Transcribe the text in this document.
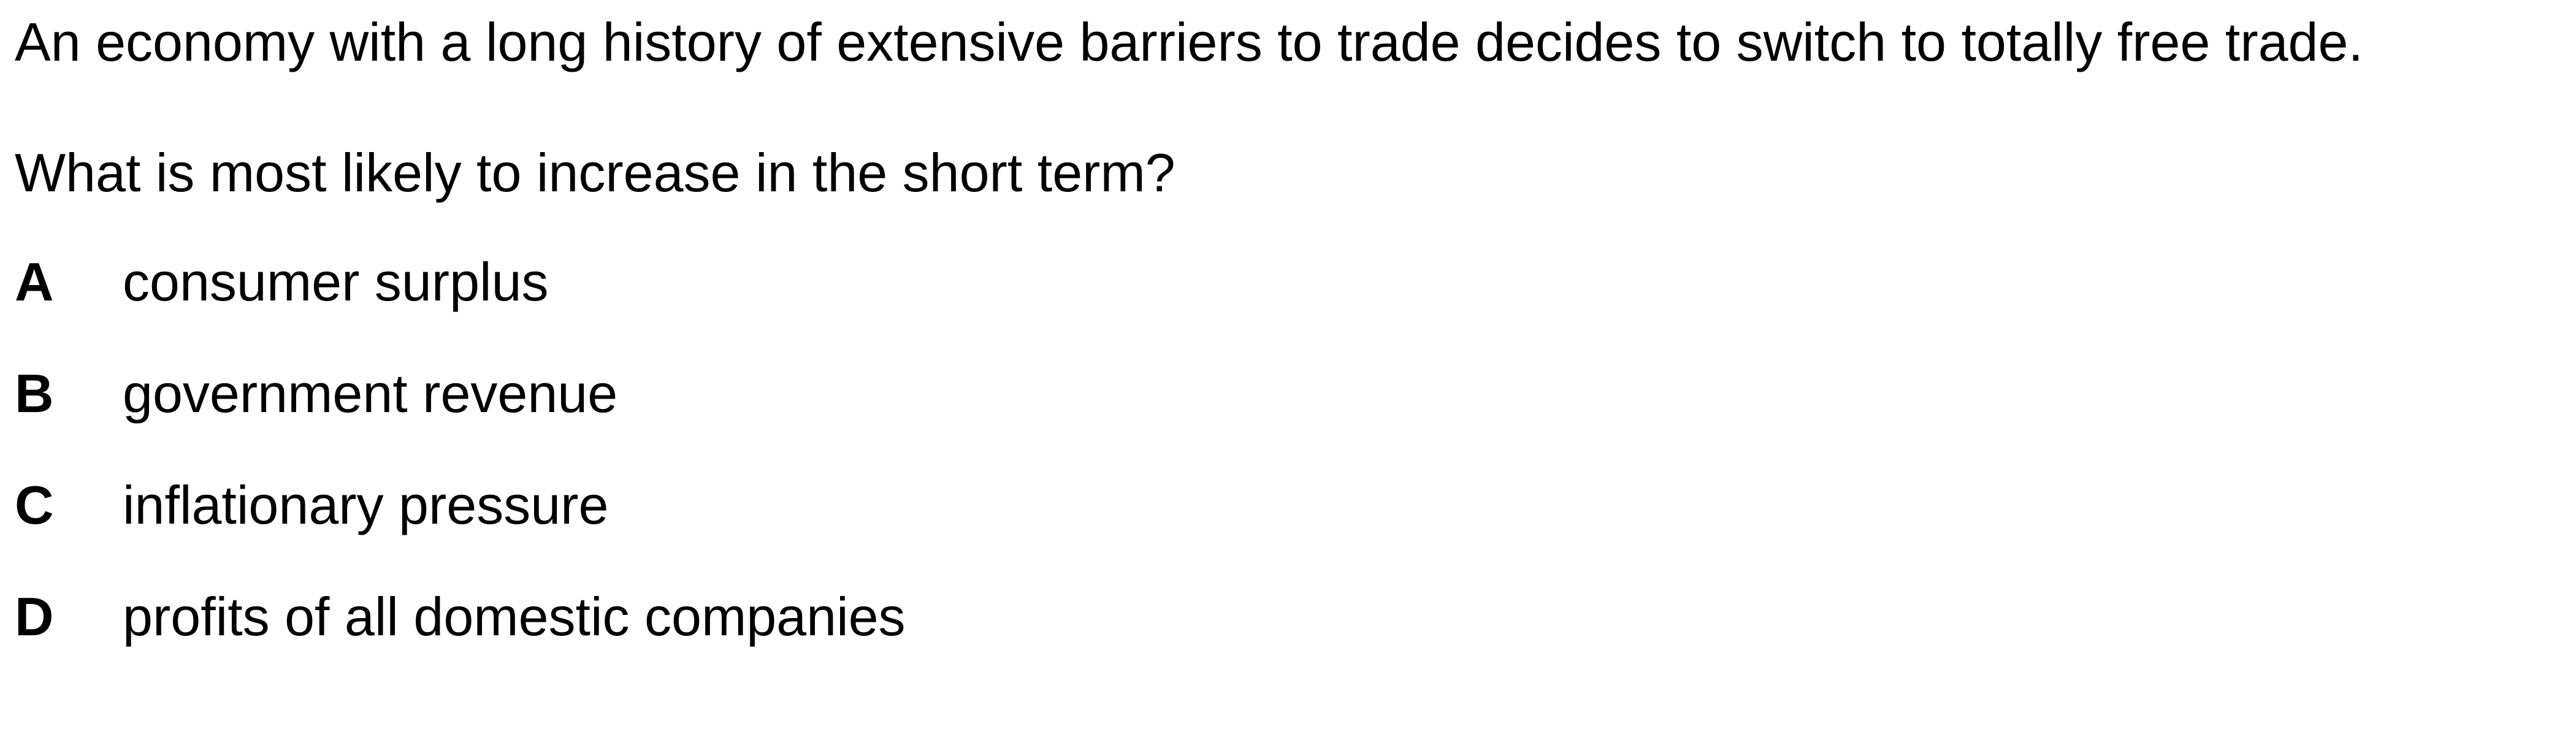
An economy with a long history of extensive barriers to trade decides to switch to totally free trade.

What is most likely to increase in the short term?

A	consumer surplus
B	government revenue
C	inflationary pressure
D	profits of all domestic companies
